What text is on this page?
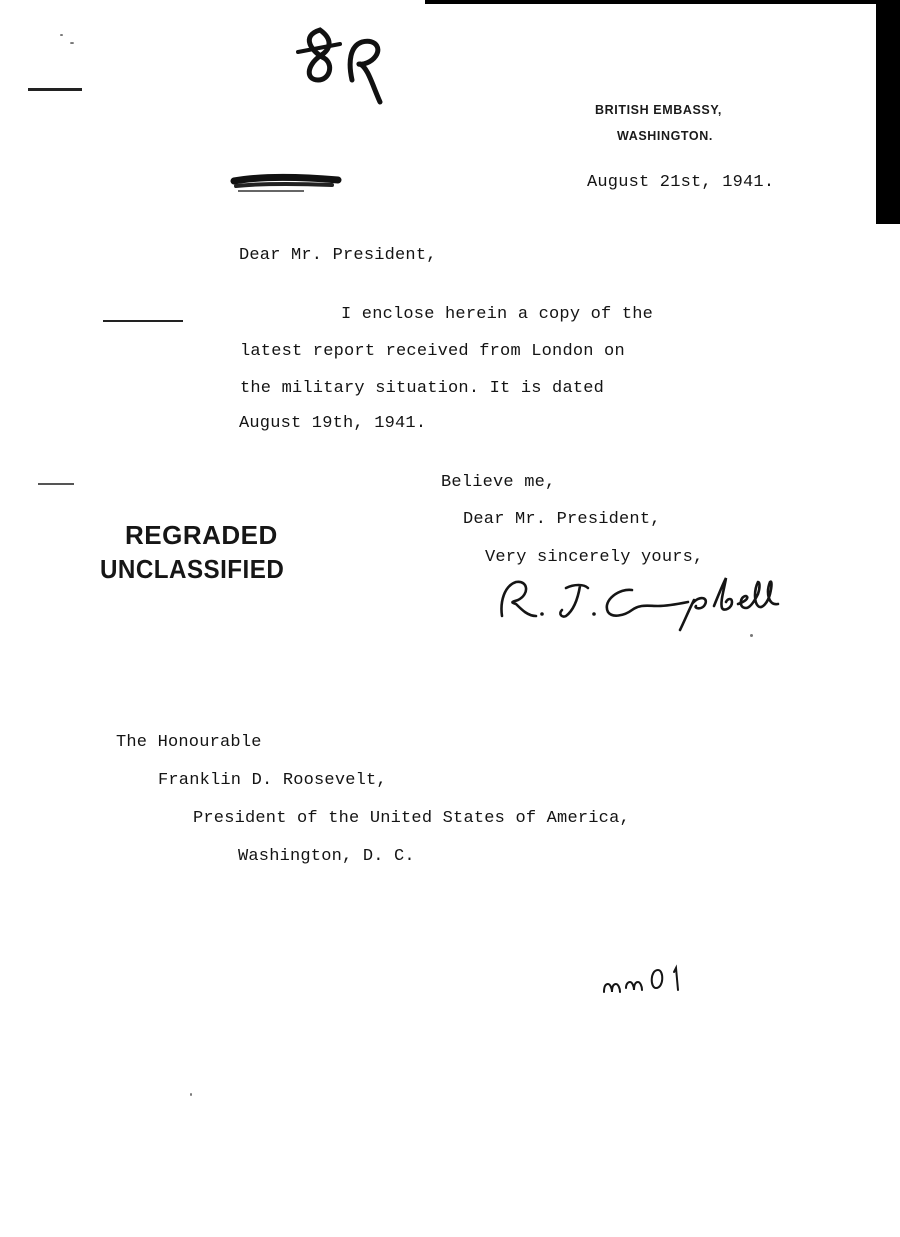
BRITISH EMBASSY,
WASHINGTON.
August 21st, 1941.
Dear Mr. President,
I enclose herein a copy of the
latest report received from London on
the military situation. It is dated
August 19th, 1941.
Believe me,
Dear Mr. President,
Very sincerely yours,
REGRADED
UNCLASSIFIED
The Honourable
Franklin D. Roosevelt,
President of the United States of America,
Washington, D. C.
